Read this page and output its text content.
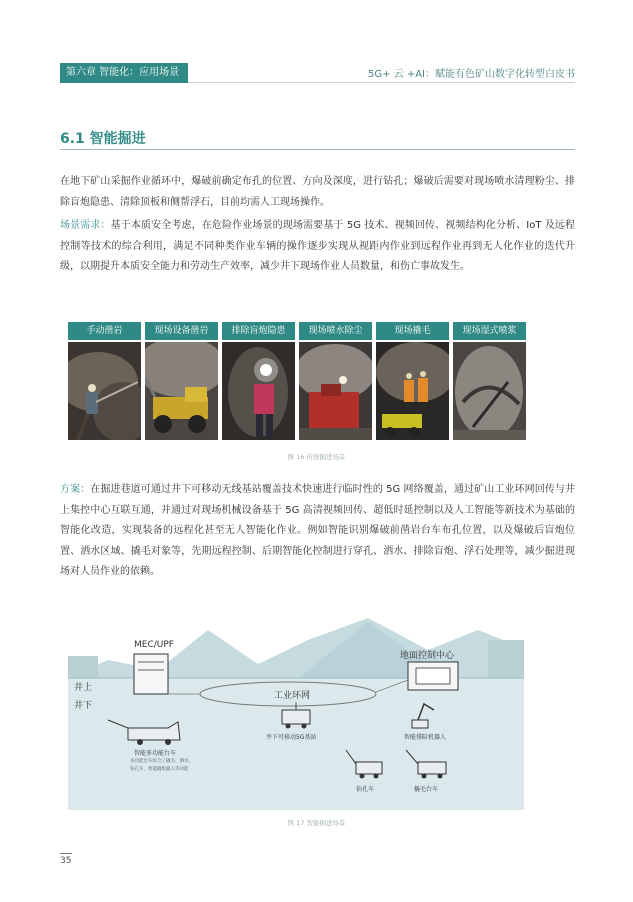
第六章 智能化：应用场景	5G+ 云 +AI：赋能有色矿山数字化转型白皮书
6.1 智能掘进
在地下矿山采掘作业循环中，爆破前确定布孔的位置、方向及深度，进行钻孔；爆破后需要对现场喷水清理粉尘、排除盲炮隐患、清除顶板和侧帮浮石，目前均需人工现场操作。
场景需求：基于本质安全考虑，在危险作业场景的现场需要基于 5G 技术、视频回传、视频结构化分析、IoT 及远程控制等技术的综合利用，满足不同种类作业车辆的操作逐步实现从视距内作业到远程作业再到无人化作业的迭代升级，以期提升本质安全能力和劳动生产效率，减少井下现场作业人员数量，和伤亡事故发生。
手动凿岩	现场设备凿岩	排除盲炮隐患	现场喷水除尘	现场撬毛	现场湿式喷浆
图 16 传统掘进场景
方案：在掘进巷道可通过井下可移动无线基站覆盖技术快速进行临时性的 5G 网络覆盖，通过矿山工业环网回传与井上集控中心互联互通，并通过对现场机械设备基于 5G 高清视频回传、超低时延控制以及人工智能等新技术为基础的智能化改造，实现装备的远程化甚至无人智能化作业。例如智能识别爆破前凿岩台车布孔位置，以及爆破后盲炮位置、洒水区域、撬毛对象等，先期远程控制、后期智能化控制进行穿孔、洒水、排除盲炮、浮石处理等，减少掘进现场对人员作业的依赖。
MEC/UPF
地面控制中心
井上
井下
工业环网
井下可移动5G基站
智能多功能台车
多功能台车综合了撬毛、洒水、
钻孔车、智能撬机器人等功能
智能排险机器人
钻孔车	撬毛台车
图 17 智能掘进场景
35
